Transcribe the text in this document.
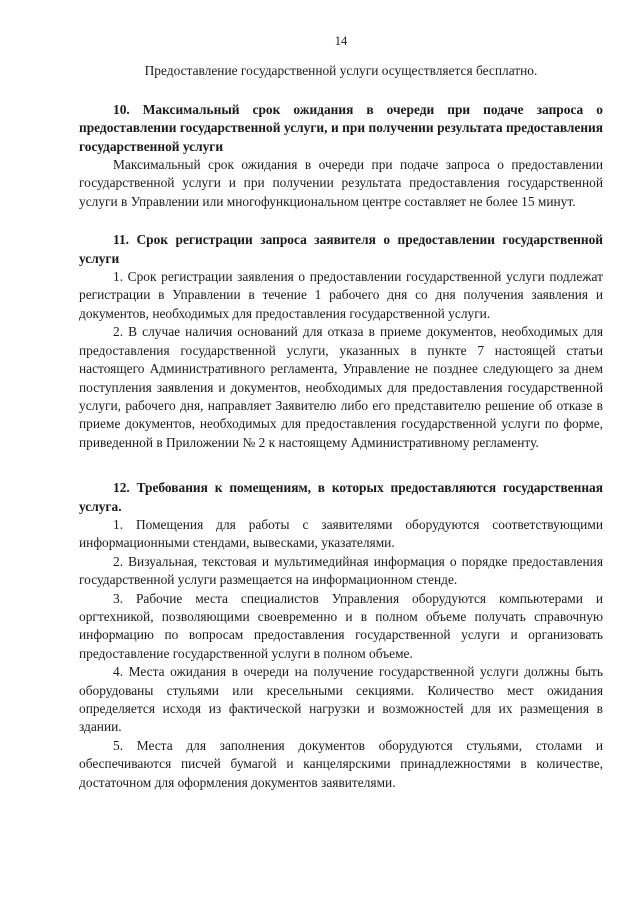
14

Предоставление государственной услуги осуществляется бесплатно.

10. Максимальный срок ожидания в очереди при подаче запроса о предоставлении государственной услуги, и при получении результата предоставления государственной услуги

Максимальный срок ожидания в очереди при подаче запроса о предоставлении государственной услуги и при получении результата предоставления государственной услуги в Управлении или многофункциональном центре составляет не более 15 минут.

11. Срок регистрации запроса заявителя о предоставлении государственной услуги

1. Срок регистрации заявления о предоставлении государственной услуги подлежат регистрации в Управлении в течение 1 рабочего дня со дня получения заявления и документов, необходимых для предоставления государственной услуги.

2. В случае наличия оснований для отказа в приеме документов, необходимых для предоставления государственной услуги, указанных в пункте 7 настоящей статьи настоящего Административного регламента, Управление не позднее следующего за днем поступления заявления и документов, необходимых для предоставления государственной услуги, рабочего дня, направляет Заявителю либо его представителю решение об отказе в приеме документов, необходимых для предоставления государственной услуги по форме, приведенной в Приложении № 2 к настоящему Административному регламенту.

12. Требования к помещениям, в которых предоставляются государственная услуга.

1. Помещения для работы с заявителями оборудуются соответствующими информационными стендами, вывесками, указателями.

2. Визуальная, текстовая и мультимедийная информация о порядке предоставления государственной услуги размещается на информационном стенде.

3. Рабочие места специалистов Управления оборудуются компьютерами и оргтехникой, позволяющими своевременно и в полном объеме получать справочную информацию по вопросам предоставления государственной услуги и организовать предоставление государственной услуги в полном объеме.

4. Места ожидания в очереди на получение государственной услуги должны быть оборудованы стульями или кресельными секциями. Количество мест ожидания определяется исходя из фактической нагрузки и возможностей для их размещения в здании.

5. Места для заполнения документов оборудуются стульями, столами и обеспечиваются писчей бумагой и канцелярскими принадлежностями в количестве, достаточном для оформления документов заявителями.
